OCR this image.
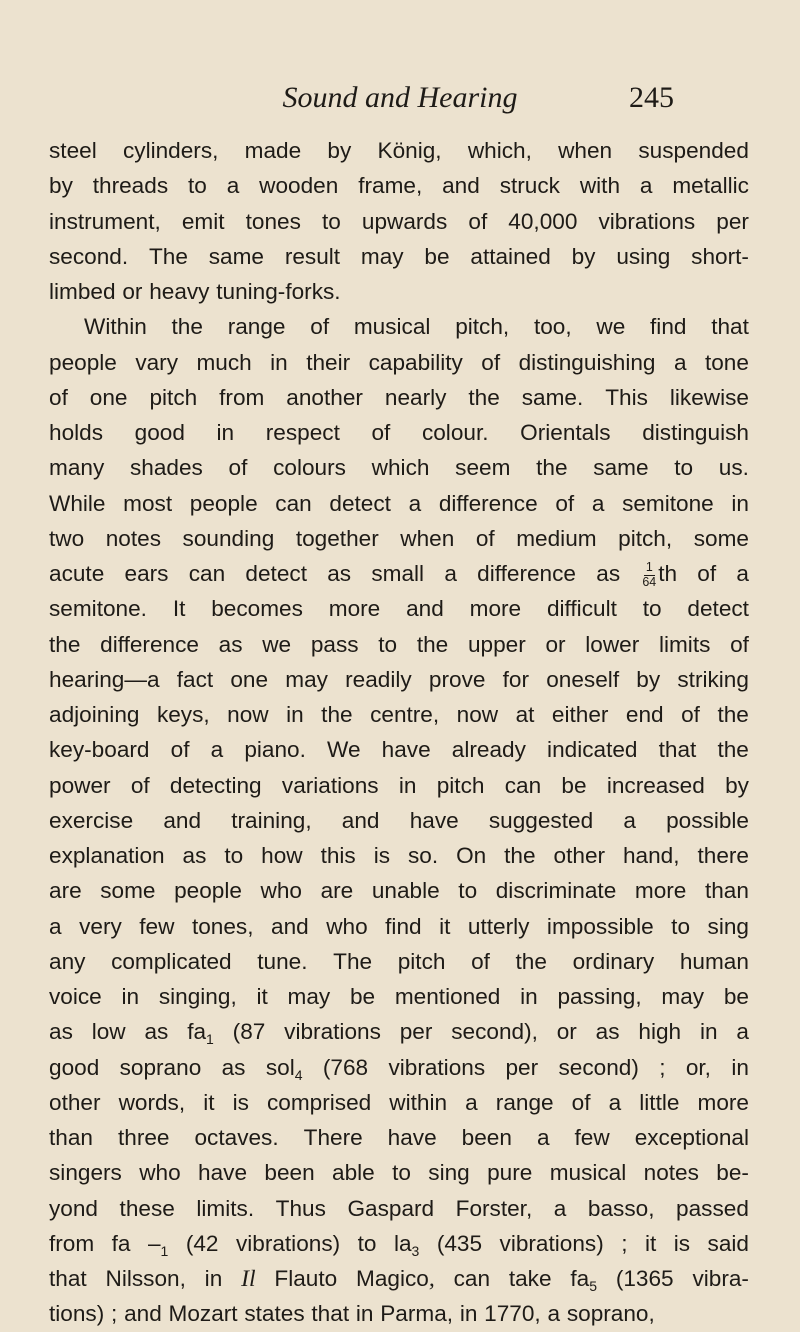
Sound and Hearing	245
steel cylinders, made by König, which, when suspended
by threads to a wooden frame, and struck with a metallic
instrument, emit tones to upwards of 40,000 vibrations per
second. The same result may be attained by using short-
limbed or heavy tuning-forks.
Within the range of musical pitch, too, we find that
people vary much in their capability of distinguishing a tone
of one pitch from another nearly the same. This likewise
holds good in respect of colour. Orientals distinguish
many shades of colours which seem the same to us.
While most people can detect a difference of a semitone in
two notes sounding together when of medium pitch, some
acute ears can detect as small a difference as $\frac{1}{64}$ th of a
semitone. It becomes more and more difficult to detect
the difference as we pass to the upper or lower limits of
hearing—a fact one may readily prove for oneself by striking
adjoining keys, now in the centre, now at either end of the
key-board of a piano. We have already indicated that the
power of detecting variations in pitch can be increased by
exercise and training, and have suggested a possible
explanation as to how this is so. On the other hand, there
are some people who are unable to discriminate more than
a very few tones, and who find it utterly impossible to sing
any complicated tune. The pitch of the ordinary human
voice in singing, it may be mentioned in passing, may be
as low as $fa_1$ (87 vibrations per second), or as high in a
good soprano as sol$_4$ (768 vibrations per second) ; or, in
other words, it is comprised within a range of a little more
than three octaves. There have been a few exceptional
singers who have been able to sing pure musical notes be-
yond these limits. Thus Gaspard Forster, a basso, passed
from fa $-_1$ (42 vibrations) to $la_3$ (435 vibrations) ; it is said
that Nilsson, in Il Flauto Magico, can take $fa_5$ (1365 vibra-
tions) ; and Mozart states that in Parma, in 1770, a soprano,
